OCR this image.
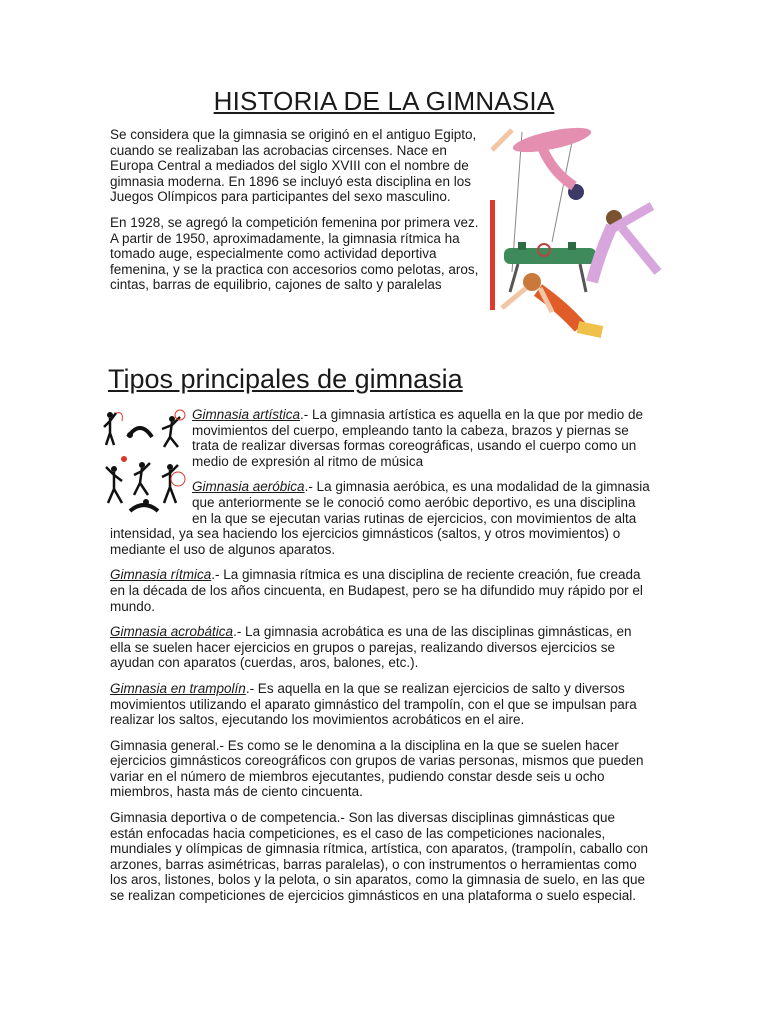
HISTORIA DE LA GIMNASIA

Se considera que la gimnasia se originó en el antiguo Egipto, cuando se realizaban las acrobacias circenses. Nace en Europa Central a mediados del siglo XVIII con el nombre de gimnasia moderna. En 1896 se incluyó esta disciplina en los Juegos Olímpicos para participantes del sexo masculino.

En 1928, se agregó la competición femenina por primera vez. A partir de 1950, aproximadamente, la gimnasia rítmica ha tomado auge, especialmente como actividad deportiva femenina, y se la practica con accesorios como pelotas, aros, cintas, barras de equilibrio, cajones de salto y paralelas

Tipos principales de gimnasia

Gimnasia artística.- La gimnasia artística es aquella en la que por medio de movimientos del cuerpo, empleando tanto la cabeza, brazos y piernas se trata de realizar diversas formas coreográficas, usando el cuerpo como un medio de expresión al ritmo de música

Gimnasia aeróbica.- La gimnasia aeróbica, es una modalidad de la gimnasia que anteriormente se le conoció como aeróbic deportivo, es una disciplina en la que se ejecutan varias rutinas de ejercicios, con movimientos de alta intensidad, ya sea haciendo los ejercicios gimnásticos (saltos, y otros movimientos) o mediante el uso de algunos aparatos.

Gimnasia rítmica.- La gimnasia rítmica es una disciplina de reciente creación, fue creada en la década de los años cincuenta, en Budapest, pero se ha difundido muy rápido por el mundo.

Gimnasia acrobática.- La gimnasia acrobática es una de las disciplinas gimnásticas, en ella se suelen hacer ejercicios en grupos o parejas, realizando diversos ejercicios se ayudan con aparatos (cuerdas, aros, balones, etc.).

Gimnasia en trampolín.- Es aquella en la que se realizan ejercicios de salto y diversos movimientos utilizando el aparato gimnástico del trampolín, con el que se impulsan para realizar los saltos, ejecutando los movimientos acrobáticos en el aire.

Gimnasia general.- Es como se le denomina a la disciplina en la que se suelen hacer ejercicios gimnásticos coreográficos con grupos de varias personas, mismos que pueden variar en el número de miembros ejecutantes, pudiendo constar desde seis u ocho miembros, hasta más de ciento cincuenta.

Gimnasia deportiva o de competencia.- Son las diversas disciplinas gimnásticas que están enfocadas hacia competiciones, es el caso de las competiciones nacionales, mundiales y olímpicas de gimnasia rítmica, artística, con aparatos, (trampolín, caballo con arzones, barras asimétricas, barras paralelas), o con instrumentos o herramientas como los aros, listones, bolos y la pelota, o sin aparatos, como la gimnasia de suelo, en las que se realizan competiciones de ejercicios gimnásticos en una plataforma o suelo especial.
